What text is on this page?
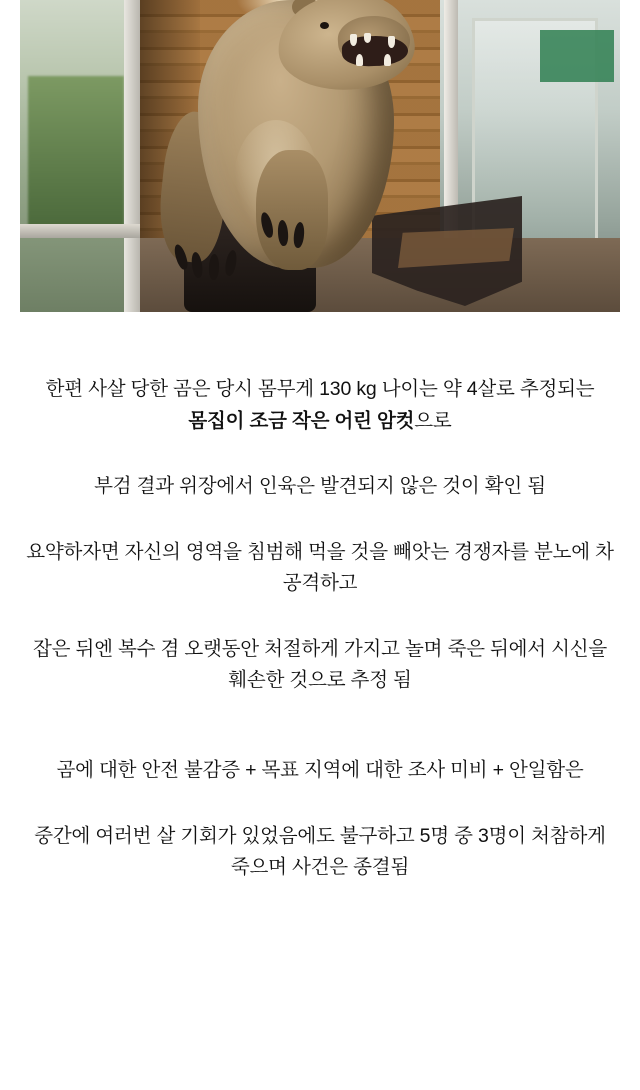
한편 사살 당한 곰은 당시 몸무게 130 kg 나이는 약 4살로 추정되는 몸집이 조금 작은 어린 암컷으로

부검 결과 위장에서 인육은 발견되지 않은 것이 확인 됨

요약하자면 자신의 영역을 침범해 먹을 것을 빼앗는 경쟁자를 분노에 차 공격하고

잡은 뒤엔 복수 겸 오랫동안 처절하게 가지고 놀며 죽은 뒤에서 시신을 훼손한 것으로 추정 됨

곰에 대한 안전 불감증 + 목표 지역에 대한 조사 미비 + 안일함은

중간에 여러번 살 기회가 있었음에도 불구하고 5명 중 3명이 처참하게 죽으며 사건은 종결됨
